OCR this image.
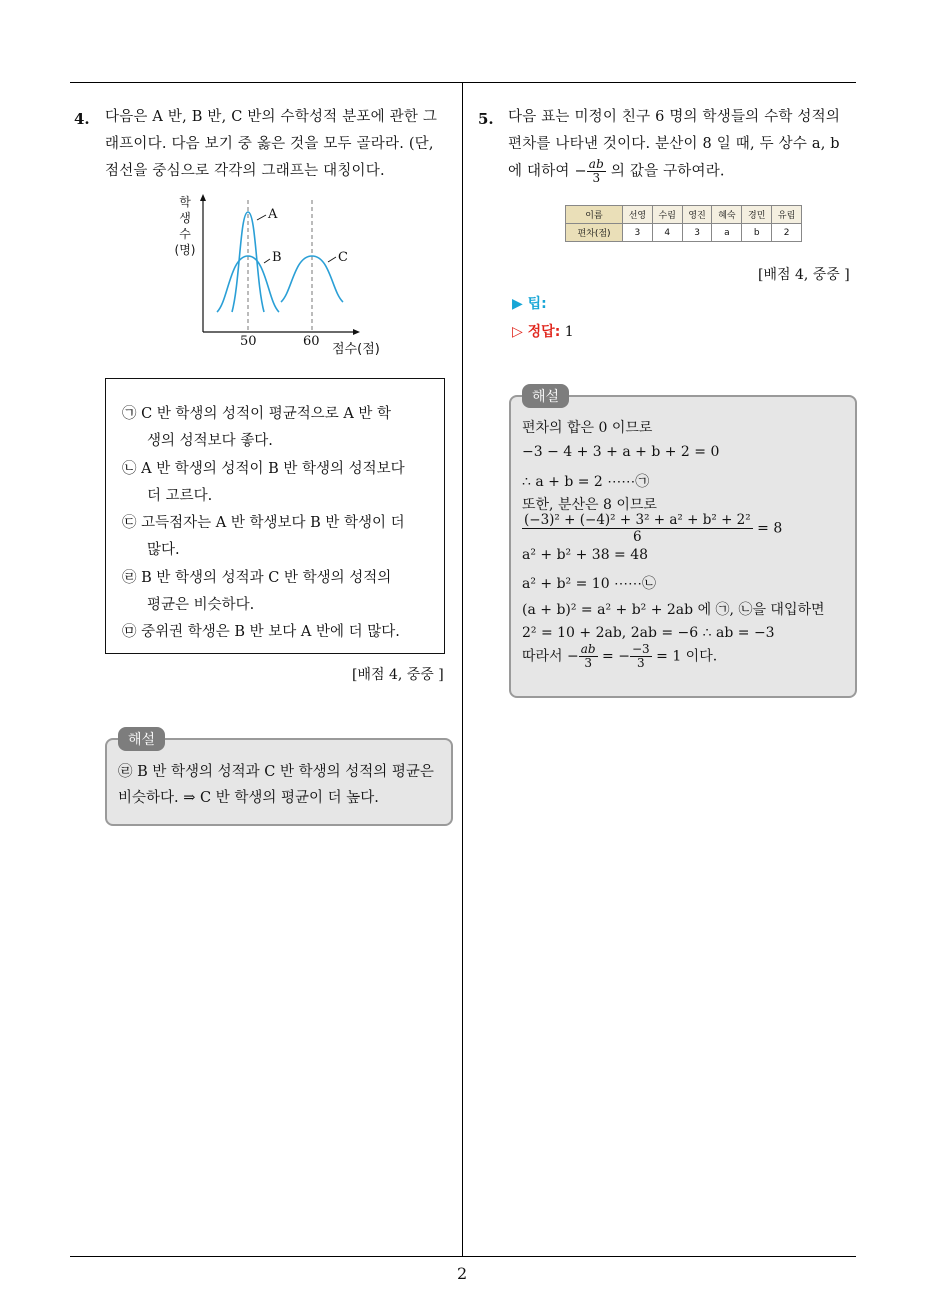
4. 다음은 A 반, B 반, C 반의 수학성적 분포에 관한 그
래프이다. 다음 보기 중 옳은 것을 모두 골라라. (단,
점선을 중심으로 각각의 그래프는 대칭이다.
학
생
수
(명)
A
B	C
50	60
점수(점)
㉠ C 반 학생의 성적이 평균적으로 A 반 학
생의 성적보다 좋다.
㉡ A 반 학생의 성적이 B 반 학생의 성적보다
더 고르다.
㉢ 고득점자는 A 반 학생보다 B 반 학생이 더
많다.
㉣ B 반 학생의 성적과 C 반 학생의 성적의
평균은 비슷하다.
㉤ 중위권 학생은 B 반 보다 A 반에 더 많다.
[배점 4, 중중 ]
해설
㉣ B 반 학생의 성적과 C 반 학생의 성적의 평균은
비슷하다. ⇒ C 반 학생의 평균이 더 높다.
5. 다음 표는 미정이 친구 6 명의 학생들의 수학 성적의
편차를 나타낸 것이다. 분산이 8 일 때, 두 상수 a, b
에 대하여 − $\frac{ab}{3}$ 의 값을 구하여라.
이름	선영	수림	영진	혜숙	경민	유림
편차(점)	3	4	3	a	b	2
[배점 4, 중중 ]
▶ 팁:
▷ 정답: 1
해설
편차의 합은 0 이므로
−3 − 4 + 3 + a + b + 2 = 0
∴ a + b = 2 ⋯⋯㉠
또한, 분산은 8 이므로
$\frac{\text{(−3)² + (−4)² + 3² + a² + b² + 2²}}{6} = 8$
a² + b² + 38 = 48
a² + b² = 10 ⋯⋯㉡
(a + b)² = a² + b² + 2ab 에 ㉠, ㉡을 대입하면
2² = 10 + 2ab, 2ab = −6 ∴ ab = −3
따라서 − $\frac{ab}{3}$ = − $\frac{-3}{3} = 1$ 이다.
2
